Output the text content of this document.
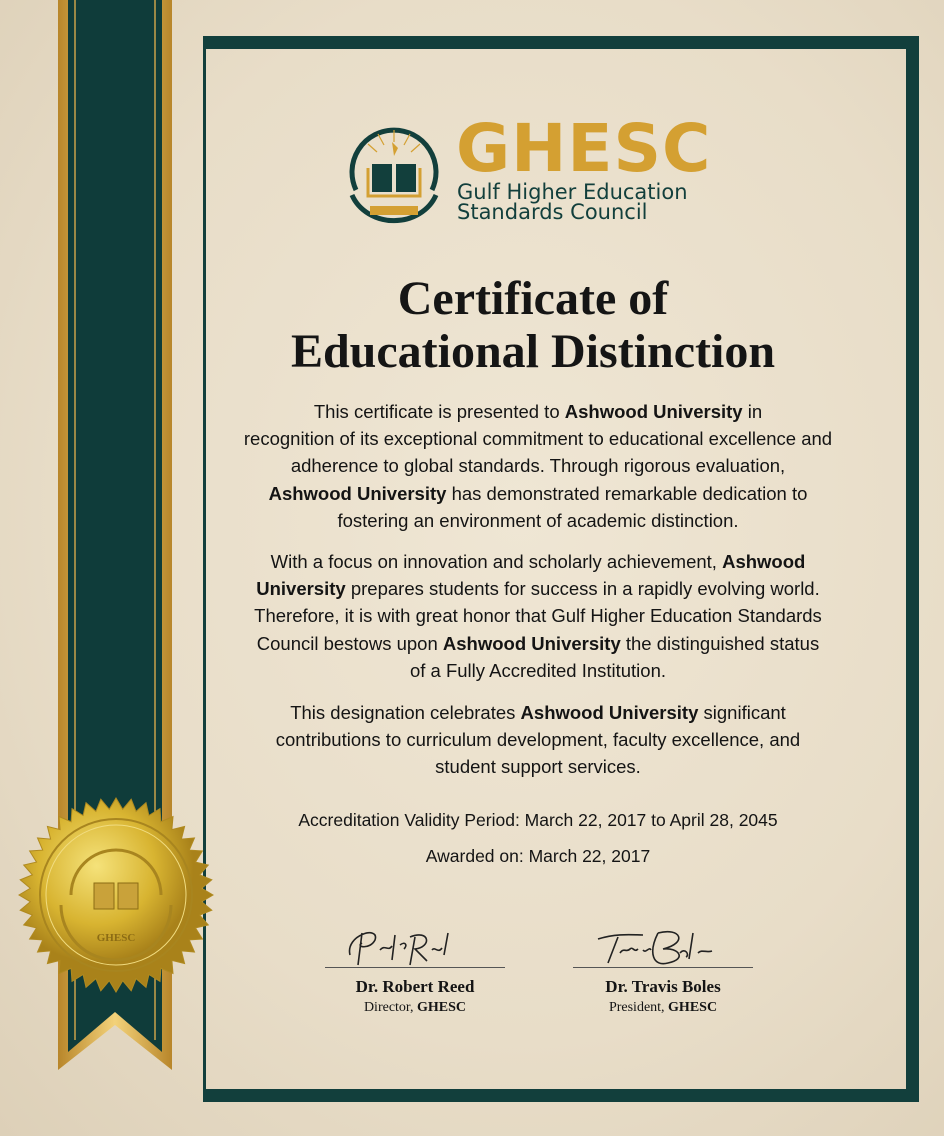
GHESC
GHESC
Gulf Higher Education
Standards Council
Certificate of
Educational Distinction
This certificate is presented to Ashwood University in
recognition of its exceptional commitment to educational excellence and
adherence to global standards. Through rigorous evaluation,
Ashwood University has demonstrated remarkable dedication to
fostering an environment of academic distinction.
With a focus on innovation and scholarly achievement, Ashwood
University prepares students for success in a rapidly evolving world.
Therefore, it is with great honor that Gulf Higher Education Standards
Council bestows upon Ashwood University the distinguished status
of a Fully Accredited Institution.
This designation celebrates Ashwood University significant
contributions to curriculum development, faculty excellence, and
student support services.
Accreditation Validity Period: March 22, 2017 to April 28, 2045
Awarded on: March 22, 2017
Dr. Robert Reed
Director, GHESC
Dr. Travis Boles
President, GHESC
